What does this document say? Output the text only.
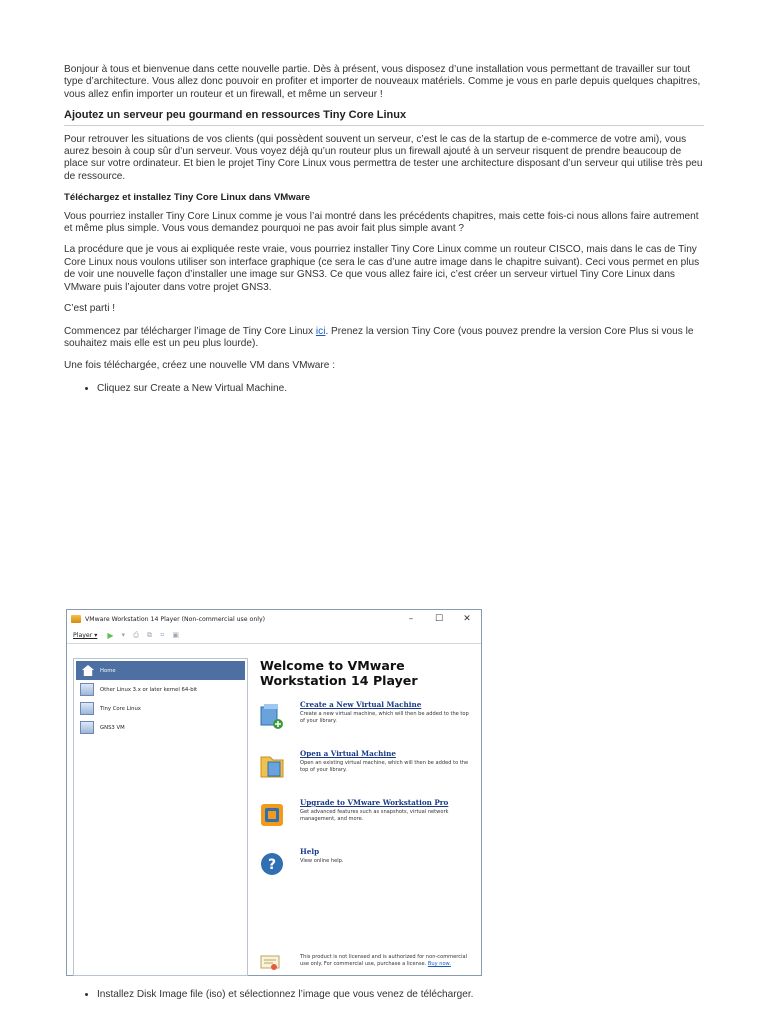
Bonjour à tous et bienvenue dans cette nouvelle partie. Dès à présent, vous disposez d’une installation vous permettant de travailler sur tout type d’architecture. Vous allez donc pouvoir en profiter et importer de nouveaux matériels. Comme je vous en parle depuis quelques chapitres, vous allez enfin importer un routeur et un firewall, et même un serveur !

Ajoutez un serveur peu gourmand en ressources Tiny Core Linux

Pour retrouver les situations de vos clients (qui possèdent souvent un serveur, c’est le cas de la startup de e-commerce de votre ami), vous aurez besoin à coup sûr d’un serveur. Vous voyez déjà qu’un routeur plus un firewall ajouté à un serveur risquent de prendre beaucoup de place sur votre ordinateur. Et bien le projet Tiny Core Linux vous permettra de tester une architecture disposant d’un serveur qui utilise très peu de ressource.

Téléchargez et installez Tiny Core Linux dans VMware

Vous pourriez installer Tiny Core Linux comme je vous l’ai montré dans les précédents chapitres, mais cette fois-ci nous allons faire autrement et même plus simple. Vous vous demandez pourquoi ne pas avoir fait plus simple avant ?

La procédure que je vous ai expliquée reste vraie, vous pourriez installer Tiny Core Linux comme un routeur CISCO, mais dans le cas de Tiny Core Linux nous voulons utiliser son interface graphique (ce sera le cas d’une autre image dans le chapitre suivant). Ceci vous permet en plus de voir une nouvelle façon d’installer une image sur GNS3. Ce que vous allez faire ici, c’est créer un serveur virtuel Tiny Core Linux dans VMware puis l’ajouter dans votre projet GNS3.

C’est parti !

Commencez par télécharger l’image de Tiny Core Linux ici. Prenez la version Tiny Core (vous pouvez prendre la version Core Plus si vous le souhaitez mais elle est un peu plus lourde).

Une fois téléchargée, créez une nouvelle VM dans VMware :

• Cliquez sur Create a New Virtual Machine.
VMware Workstation 14 Player (Non-commercial use only)	–	☐	✕
Player ▾ ▶ ▾ ⎙ ⧉ ⌗ ▣
Home
Other Linux 3.x or later kernel 64-bit
Tiny Core Linux
GNS3 VM
Welcome to VMware Workstation 14 Player
Create a New Virtual Machine
Create a new virtual machine, which will then be added to the top of your library.
Open a Virtual Machine
Open an existing virtual machine, which will then be added to the top of your library.
Upgrade to VMware Workstation Pro
Get advanced features such as snapshots, virtual network management, and more.
?
Help
View online help.
This product is not licensed and is authorized for non-commercial use only. For commercial use, purchase a license. Buy now.
• Installez Disk Image file (iso) et sélectionnez l’image que vous venez de télécharger.
